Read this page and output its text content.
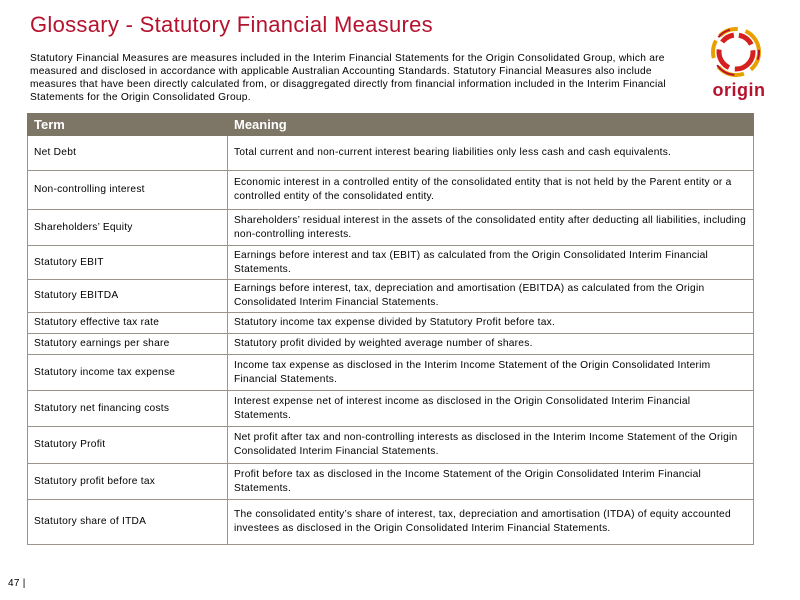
Glossary - Statutory Financial Measures
Statutory Financial Measures are measures included in the Interim Financial Statements for the Origin Consolidated Group, which are measured and disclosed in accordance with applicable Australian Accounting Standards. Statutory Financial Measures also include measures that have been directly calculated from, or disaggregated directly from financial information included in the Interim Financial Statements for the Origin Consolidated Group.	origin
Term	Meaning
Net Debt	Total current and non-current interest bearing liabilities only less cash and cash equivalents.
Non-controlling interest	Economic interest in a controlled entity of the consolidated entity that is not held by the Parent entity or a controlled entity of the consolidated entity.
Shareholders’ Equity	Shareholders’ residual interest in the assets of the consolidated entity after deducting all liabilities, including non-controlling interests.
Statutory EBIT	Earnings before interest and tax (EBIT) as calculated from the Origin Consolidated Interim Financial Statements.
Statutory EBITDA	Earnings before interest, tax, depreciation and amortisation (EBITDA) as calculated from the Origin Consolidated Interim Financial Statements.
Statutory effective tax rate	Statutory income tax expense divided by Statutory Profit before tax.
Statutory earnings per share	Statutory profit divided by weighted average number of shares.
Statutory income tax expense	Income tax expense as disclosed in the Interim Income Statement of the Origin Consolidated Interim Financial Statements.
Statutory net financing costs	Interest expense net of interest income as disclosed in the Origin Consolidated Interim Financial Statements.
Statutory Profit	Net profit after tax and non-controlling interests as disclosed in the Interim Income Statement of the Origin Consolidated Interim Financial Statements.
Statutory profit before tax	Profit before tax as disclosed in the Income Statement of the Origin Consolidated Interim Financial Statements.
Statutory share of ITDA	The consolidated entity’s share of interest, tax, depreciation and amortisation (ITDA) of equity accounted investees as disclosed in the Origin Consolidated Interim Financial Statements.
47 |
